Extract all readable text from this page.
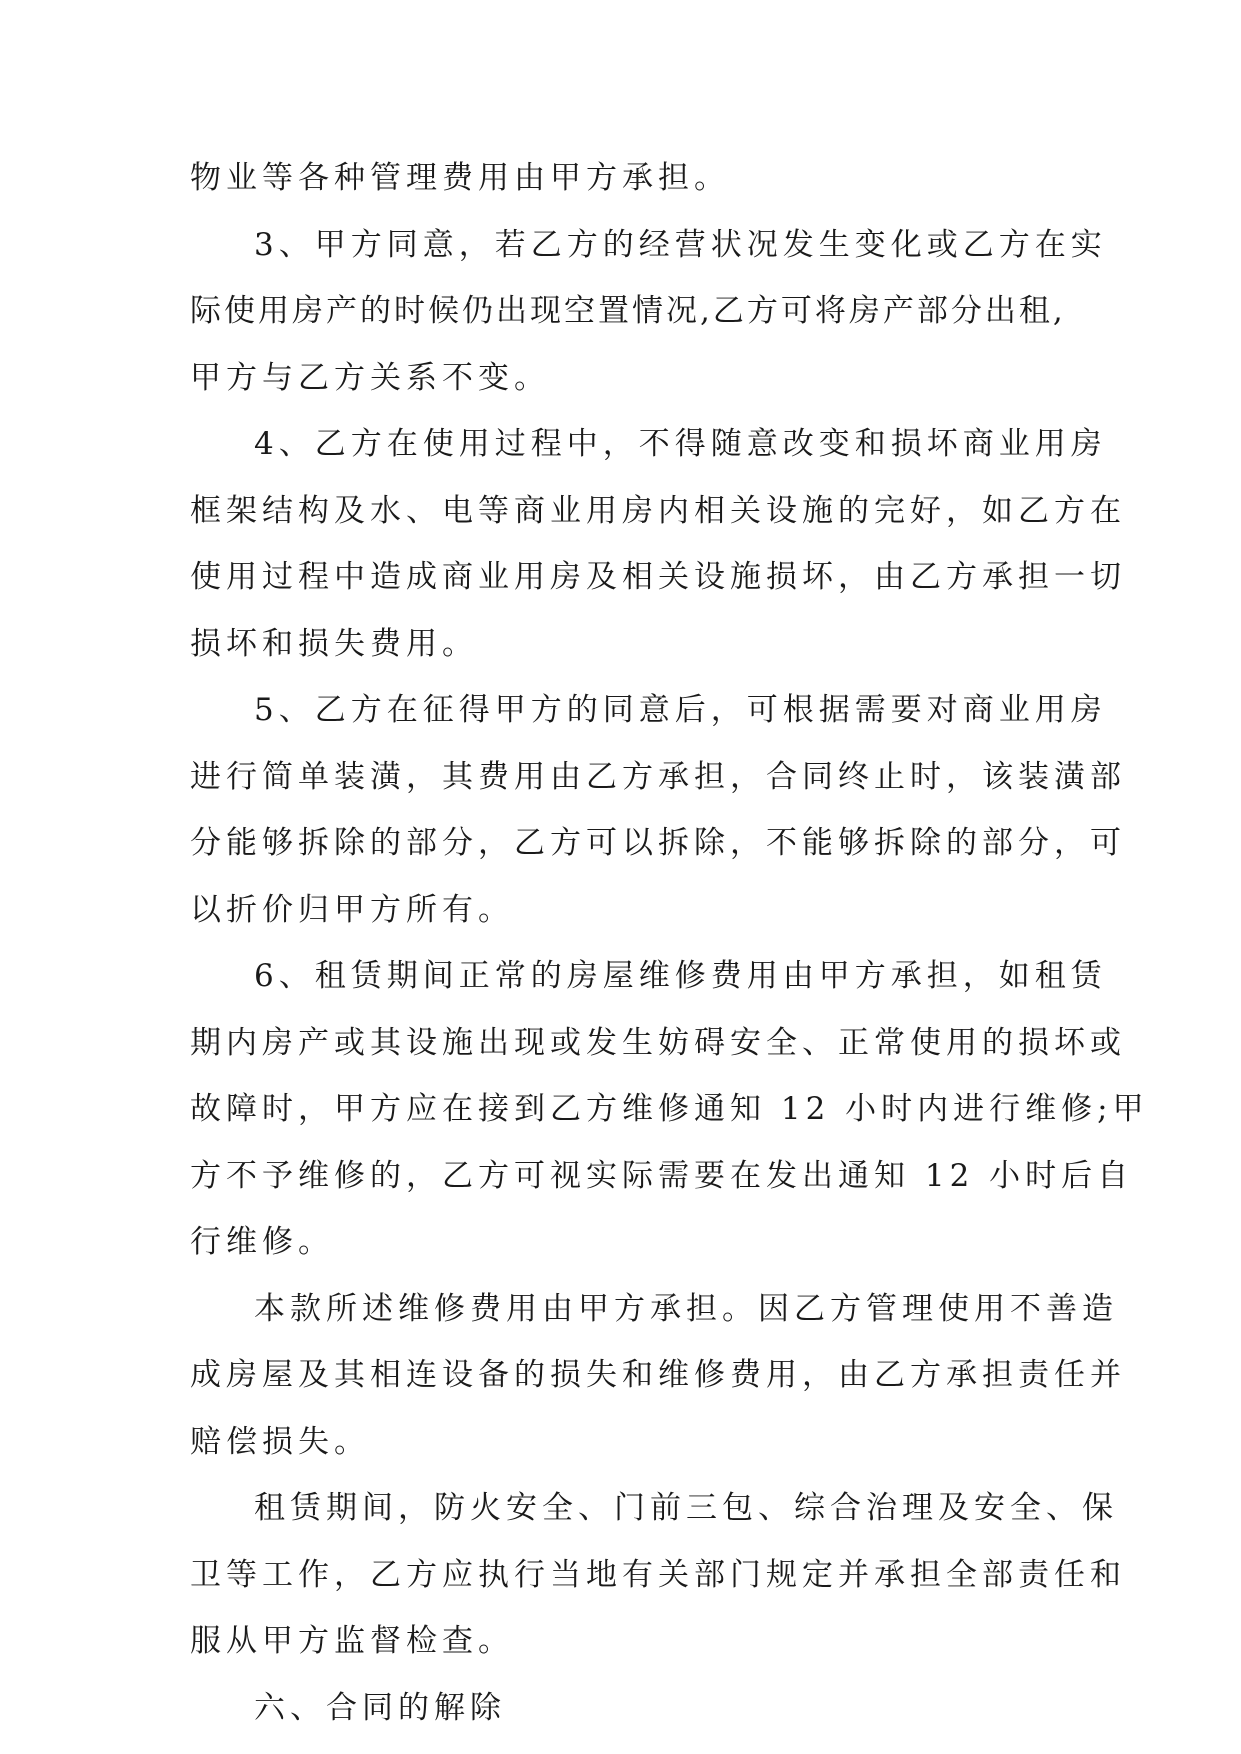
物业等各种管理费用由甲方承担。
3、甲方同意，若乙方的经营状况发生变化或乙方在实
际使用房产的时候仍出现空置情况,乙方可将房产部分出租,
甲方与乙方关系不变。
4、乙方在使用过程中，不得随意改变和损坏商业用房
框架结构及水、电等商业用房内相关设施的完好，如乙方在
使用过程中造成商业用房及相关设施损坏，由乙方承担一切
损坏和损失费用。
5、乙方在征得甲方的同意后，可根据需要对商业用房
进行简单装潢，其费用由乙方承担，合同终止时，该装潢部
分能够拆除的部分，乙方可以拆除，不能够拆除的部分，可
以折价归甲方所有。
6、租赁期间正常的房屋维修费用由甲方承担，如租赁
期内房产或其设施出现或发生妨碍安全、正常使用的损坏或
故障时，甲方应在接到乙方维修通知 12 小时内进行维修;甲
方不予维修的，乙方可视实际需要在发出通知 12 小时后自
行维修。
本款所述维修费用由甲方承担。因乙方管理使用不善造
成房屋及其相连设备的损失和维修费用，由乙方承担责任并
赔偿损失。
租赁期间，防火安全、门前三包、综合治理及安全、保
卫等工作，乙方应执行当地有关部门规定并承担全部责任和
服从甲方监督检查。
六、合同的解除
